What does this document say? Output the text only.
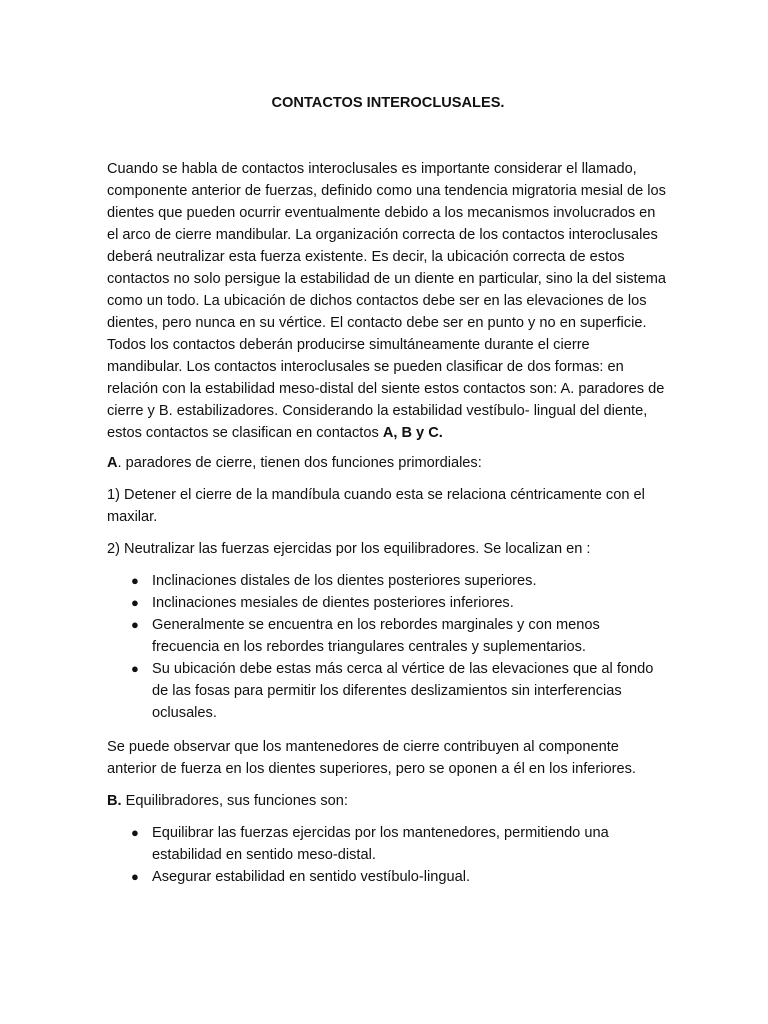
CONTACTOS INTEROCLUSALES.

Cuando se habla de contactos interoclusales es importante considerar el llamado, componente anterior de fuerzas, definido como una tendencia migratoria mesial de los dientes que pueden ocurrir eventualmente debido a los mecanismos involucrados en el arco de cierre mandibular. La organización correcta de los contactos interoclusales deberá neutralizar esta fuerza existente. Es decir, la ubicación correcta de estos contactos no solo persigue la estabilidad de un diente en particular, sino la del sistema como un todo. La ubicación de dichos contactos debe ser en las elevaciones de los dientes, pero nunca en su vértice. El contacto debe ser en punto y no en superficie. Todos los contactos deberán producirse simultáneamente durante el cierre mandibular. Los contactos interoclusales se pueden clasificar de dos formas: en relación con la estabilidad meso-distal del siente estos contactos son: A. paradores de cierre y B. estabilizadores. Considerando la estabilidad vestíbulo- lingual del diente, estos contactos se clasifican en contactos A, B y C.

A. paradores de cierre, tienen dos funciones primordiales:

1) Detener el cierre de la mandíbula cuando esta se relaciona céntricamente con el maxilar.

2) Neutralizar las fuerzas ejercidas por los equilibradores. Se localizan en :

● Inclinaciones distales de los dientes posteriores superiores.
● Inclinaciones mesiales de dientes posteriores inferiores.
● Generalmente se encuentra en los rebordes marginales y con menos frecuencia en los rebordes triangulares centrales y suplementarios.
● Su ubicación debe estas más cerca al vértice de las elevaciones que al fondo de las fosas para permitir los diferentes deslizamientos sin interferencias oclusales.

Se puede observar que los mantenedores de cierre contribuyen al componente anterior de fuerza en los dientes superiores, pero se oponen a él en los inferiores.

B. Equilibradores, sus funciones son:

● Equilibrar las fuerzas ejercidas por los mantenedores, permitiendo una estabilidad en sentido meso-distal.
● Asegurar estabilidad en sentido vestíbulo-lingual.
